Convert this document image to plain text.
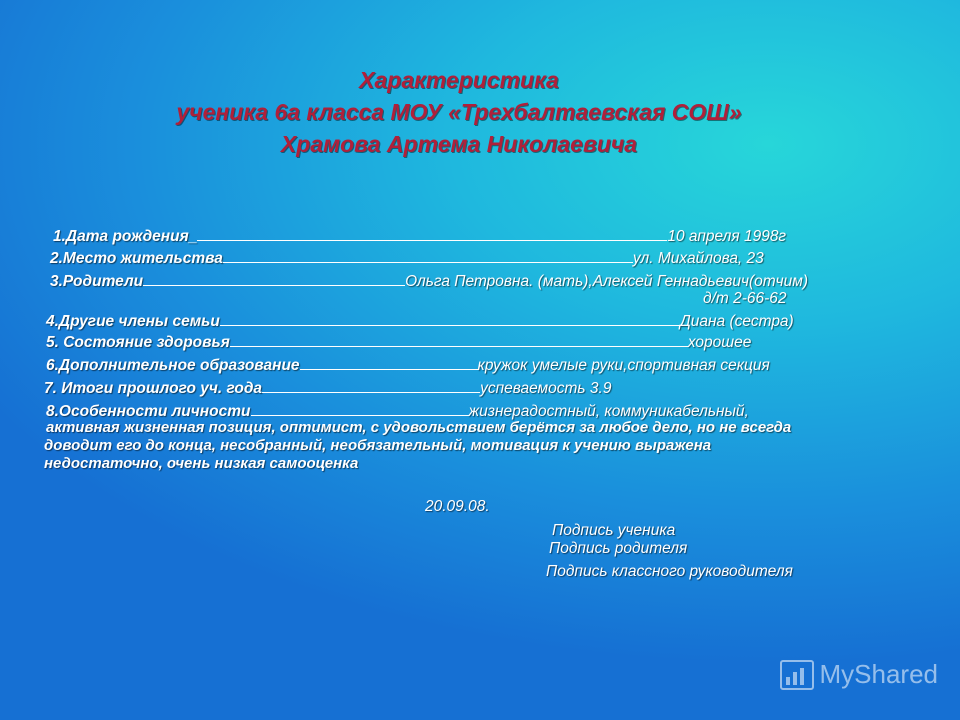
Характеристика
ученика 6а класса МОУ «Трехбалтаевская СОШ»
Храмова Артема Николаевича
1.Дата рождения_	10 апреля 1998г
2.Место жительства	ул. Михайлова, 23
3.Родители	Ольга Петровна. (мать),Алексей Геннадьевич(отчим)
д/т 2-66-62
4.Другие члены семьи	Диана (сестра)
5. Состояние здоровья	хорошее
6.Дополнительное образование	кружок умелые руки,спортивная секция
7. Итоги прошлого уч. года	успеваемость 3.9
8.Особенности личности	жизнерадостный, коммуникабельный,
активная жизненная позиция, оптимист, с удовольствием берётся за любое дело, но не всегда
доводит его до конца, несобранный, необязательный, мотивация к учению выражена
недостаточно, очень низкая самооценка
20.09.08.
Подпись ученика
Подпись родителя
Подпись классного руководителя
MyShared
